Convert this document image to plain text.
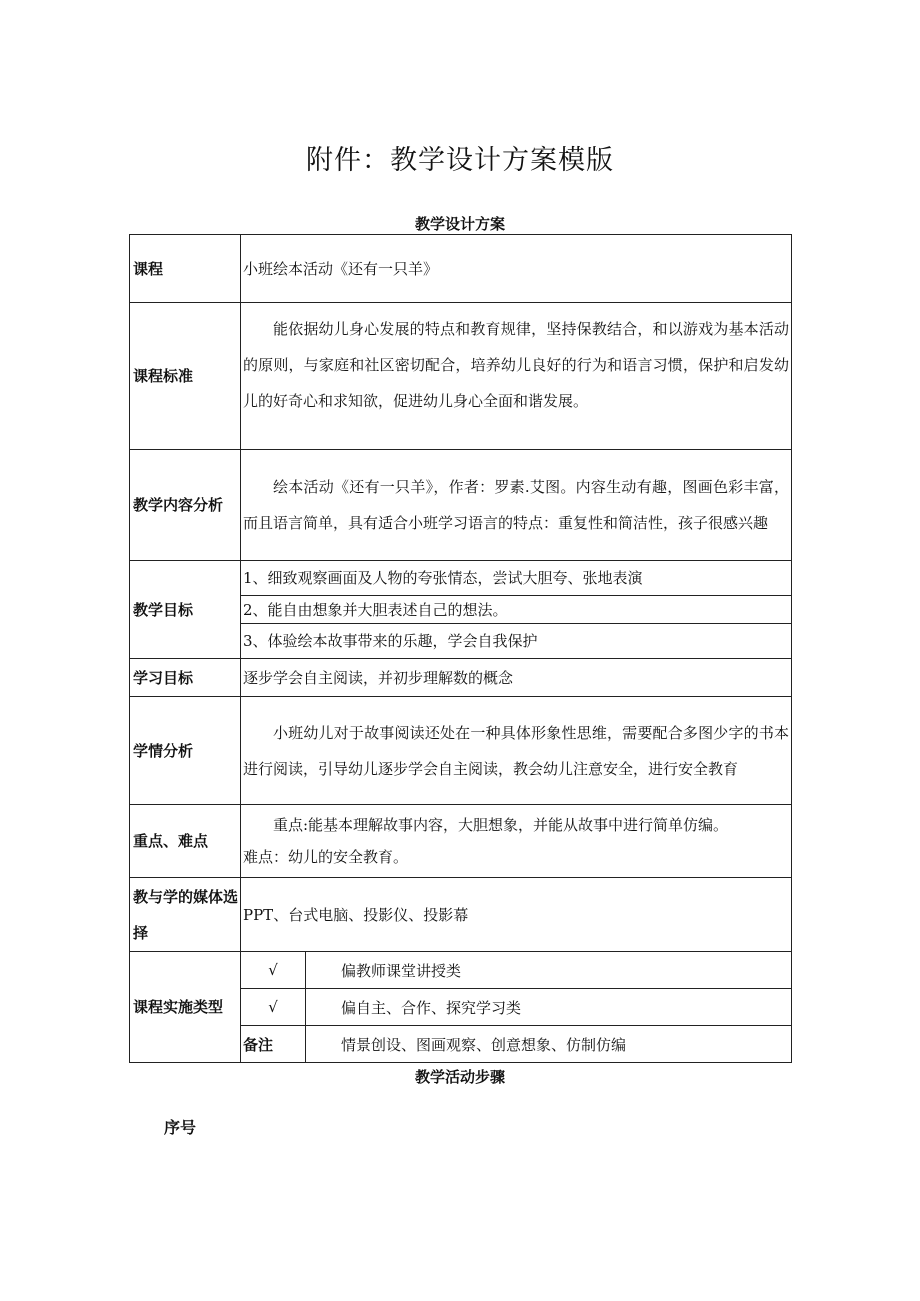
附件：教学设计方案模版
教学设计方案
课程	小班绘本活动《还有一只羊》	
课程标准	能依据幼儿身心发展的特点和教育规律，坚持保教结合，和以游戏为基本活动的原则，与家庭和社区密切配合，培养幼儿良好的行为和语言习惯，保护和启发幼儿的好奇心和求知欲，促进幼儿身心全面和谐发展。	

教学内容分析	绘本活动《还有一只羊》，作者：罗素.艾图。内容生动有趣，图画色彩丰富，而且语言简单，具有适合小班学习语言的特点：重复性和简洁性，孩子很感兴趣	

教学目标	1、细致观察画面及人物的夸张情态，尝试大胆夸、张地表演	
	2、能自由想象并大胆表述自己的想法。	
	3、体验绘本故事带来的乐趣，学会自我保护	
学习目标	逐步学会自主阅读，并初步理解数的概念	
学情分析	小班幼儿对于故事阅读还处在一种具体形象性思维，需要配合多图少字的书本进行阅读，引导幼儿逐步学会自主阅读，教会幼儿注意安全，进行安全教育	

重点、难点	重点:能基本理解故事内容，大胆想象，并能从故事中进行简单仿编。
难点：幼儿的安全教育。	

教与学的媒体选择	PPT、台式电脑、投影仪、投影幕	
课程实施类型	√	偏教师课堂讲授类
	√	偏自主、合作、探究学习类
	备注	情景创设、图画观察、创意想象、仿制仿编
教学活动步骤
序号
